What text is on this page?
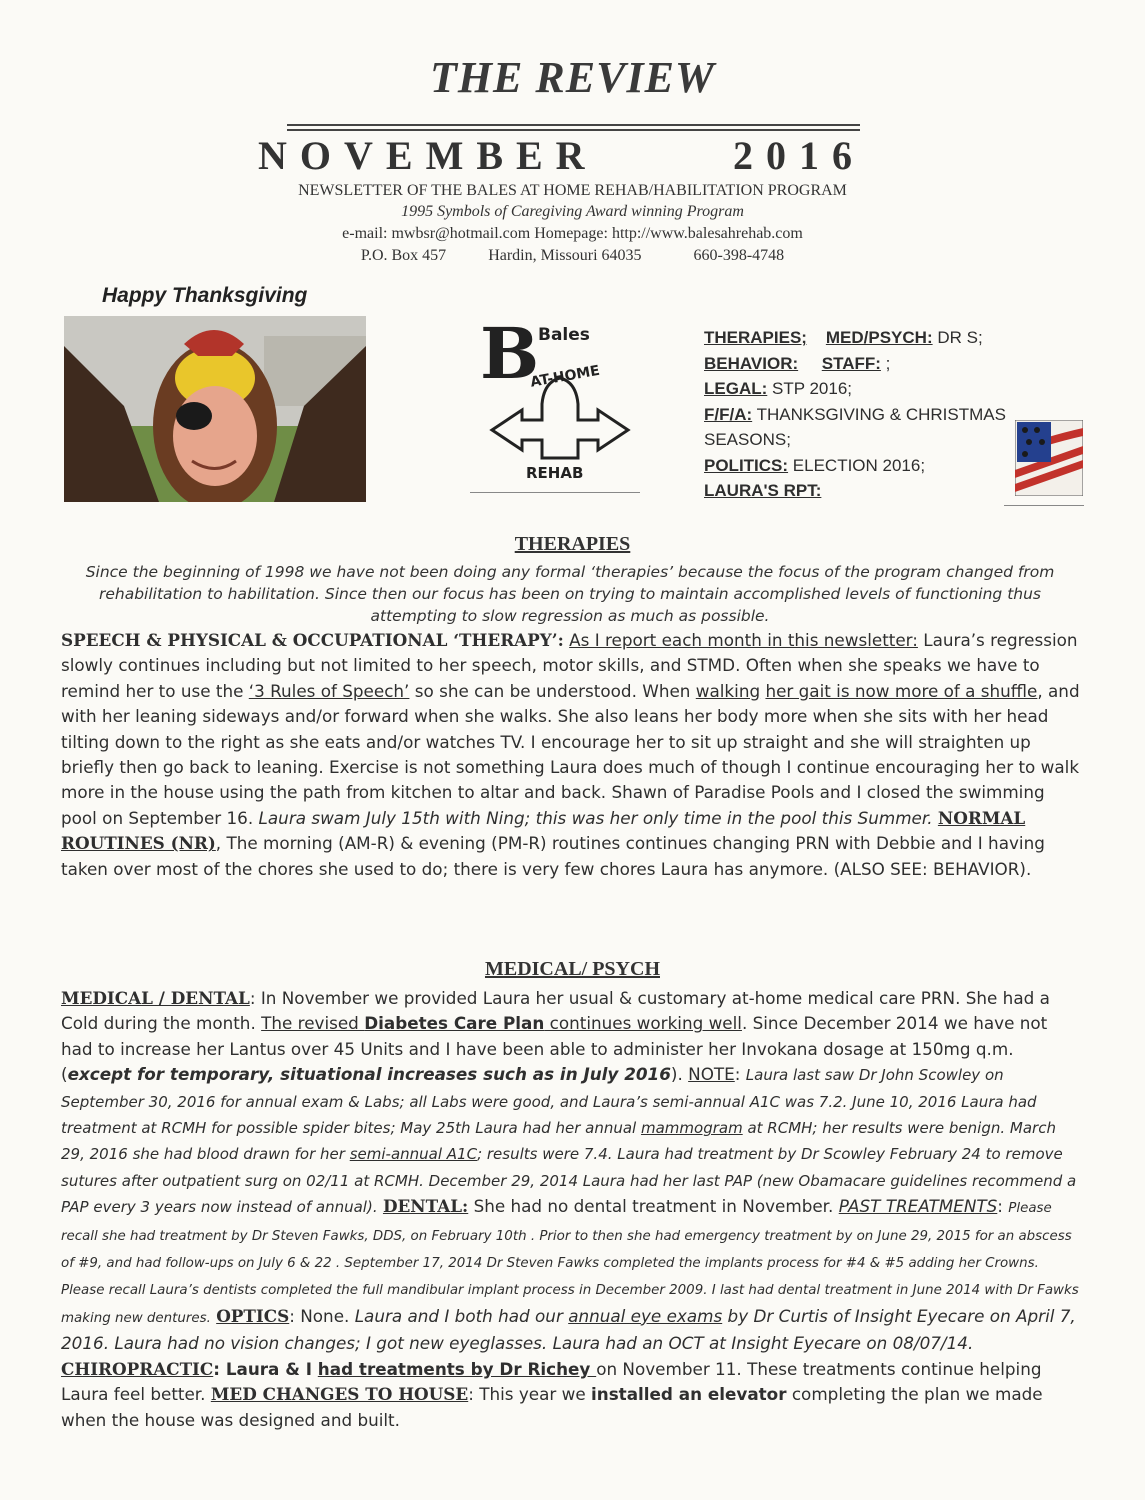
THE REVIEW
NOVEMBER	2016
NEWSLETTER OF THE BALES AT HOME REHAB/HABILITATION PROGRAM
1995 Symbols of Caregiving Award winning Program
e-mail: mwbsr@hotmail.com Homepage: http://www.balesahrehab.com
P.O. Box 457	Hardin, Missouri 64035	660-398-4748
Happy Thanksgiving
B
Bales
AT-HOME
REHAB
THERAPIES; MED/PSYCH: DR S;
BEHAVIOR: STAFF: ;
LEGAL: STP 2016;
F/F/A: THANKSGIVING & CHRISTMAS SEASONS;
POLITICS: ELECTION 2016;
LAURA'S RPT:
THERAPIES
Since the beginning of 1998 we have not been doing any formal ‘therapies’ because the focus of the program changed from rehabilitation to habilitation. Since then our focus has been on trying to maintain accomplished levels of functioning thus attempting to slow regression as much as possible.
SPEECH & PHYSICAL & OCCUPATIONAL ‘THERAPY’: As I report each month in this newsletter: Laura’s regression slowly continues including but not limited to her speech, motor skills, and STMD. Often when she speaks we have to remind her to use the ‘3 Rules of Speech’ so she can be understood. When walking her gait is now more of a shuffle, and with her leaning sideways and/or forward when she walks. She also leans her body more when she sits with her head tilting down to the right as she eats and/or watches TV. I encourage her to sit up straight and she will straighten up briefly then go back to leaning. Exercise is not something Laura does much of though I continue encouraging her to walk more in the house using the path from kitchen to altar and back. Shawn of Paradise Pools and I closed the swimming pool on September 16. Laura swam July 15th with Ning; this was her only time in the pool this Summer. NORMAL ROUTINES (NR), The morning (AM-R) & evening (PM-R) routines continues changing PRN with Debbie and I having taken over most of the chores she used to do; there is very few chores Laura has anymore. (ALSO SEE: BEHAVIOR).
MEDICAL/ PSYCH
MEDICAL / DENTAL: In November we provided Laura her usual & customary at-home medical care PRN. She had a Cold during the month. The revised Diabetes Care Plan continues working well. Since December 2014 we have not had to increase her Lantus over 45 Units and I have been able to administer her Invokana dosage at 150mg q.m. (except for temporary, situational increases such as in July 2016). NOTE: Laura last saw Dr John Scowley on September 30, 2016 for annual exam & Labs; all Labs were good, and Laura’s semi-annual A1C was 7.2. June 10, 2016 Laura had treatment at RCMH for possible spider bites; May 25th Laura had her annual mammogram at RCMH; her results were benign. March 29, 2016 she had blood drawn for her semi-annual A1C; results were 7.4. Laura had treatment by Dr Scowley February 24 to remove sutures after outpatient surg on 02/11 at RCMH. December 29, 2014 Laura had her last PAP (new Obamacare guidelines recommend a PAP every 3 years now instead of annual). DENTAL: She had no dental treatment in November. PAST TREATMENTS: Please recall she had treatment by Dr Steven Fawks, DDS, on February 10th . Prior to then she had emergency treatment by on June 29, 2015 for an abscess of #9, and had follow-ups on July 6 & 22 . September 17, 2014 Dr Steven Fawks completed the implants process for #4 & #5 adding her Crowns. Please recall Laura’s dentists completed the full mandibular implant process in December 2009. I last had dental treatment in June 2014 with Dr Fawks making new dentures. OPTICS: None. Laura and I both had our annual eye exams by Dr Curtis of Insight Eyecare on April 7, 2016. Laura had no vision changes; I got new eyeglasses. Laura had an OCT at Insight Eyecare on 08/07/14. CHIROPRACTIC: Laura & I had treatments by Dr Richey on November 11. These treatments continue helping Laura feel better. MED CHANGES TO HOUSE: This year we installed an elevator completing the plan we made when the house was designed and built.
